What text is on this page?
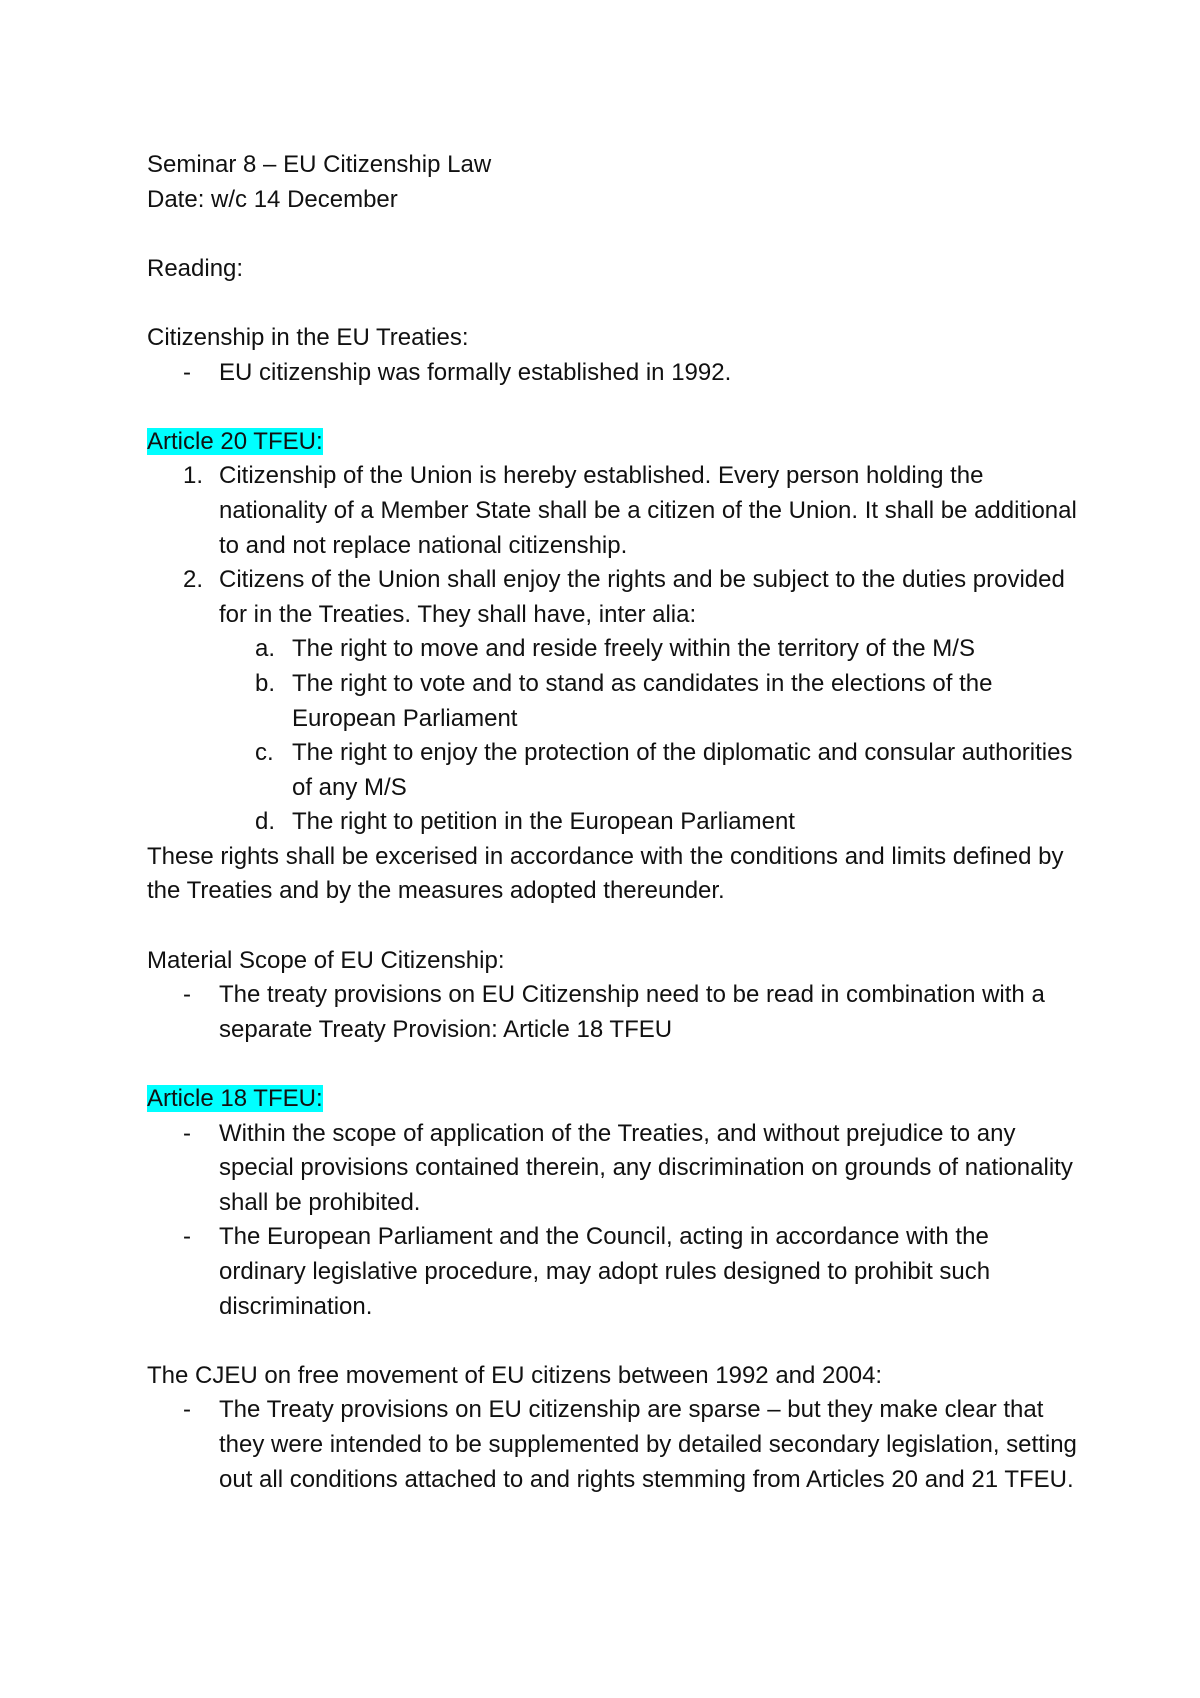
Seminar 8 – EU Citizenship Law

Date: w/c 14 December

Reading:

Citizenship in the EU Treaties:

- EU citizenship was formally established in 1992.

Article 20 TFEU:

1. Citizenship of the Union is hereby established. Every person holding the nationality of a Member State shall be a citizen of the Union. It shall be additional to and not replace national citizenship.
2. Citizens of the Union shall enjoy the rights and be subject to the duties provided for in the Treaties. They shall have, inter alia:
a. The right to move and reside freely within the territory of the M/S
b. The right to vote and to stand as candidates in the elections of the European Parliament
c. The right to enjoy the protection of the diplomatic and consular authorities of any M/S
d. The right to petition in the European Parliament

These rights shall be excerised in accordance with the conditions and limits defined by the Treaties and by the measures adopted thereunder.

Material Scope of EU Citizenship:

- The treaty provisions on EU Citizenship need to be read in combination with a separate Treaty Provision: Article 18 TFEU

Article 18 TFEU:

- Within the scope of application of the Treaties, and without prejudice to any special provisions contained therein, any discrimination on grounds of nationality shall be prohibited.
- The European Parliament and the Council, acting in accordance with the ordinary legislative procedure, may adopt rules designed to prohibit such discrimination.

The CJEU on free movement of EU citizens between 1992 and 2004:

- The Treaty provisions on EU citizenship are sparse – but they make clear that they were intended to be supplemented by detailed secondary legislation, setting out all conditions attached to and rights stemming from Articles 20 and 21 TFEU.
